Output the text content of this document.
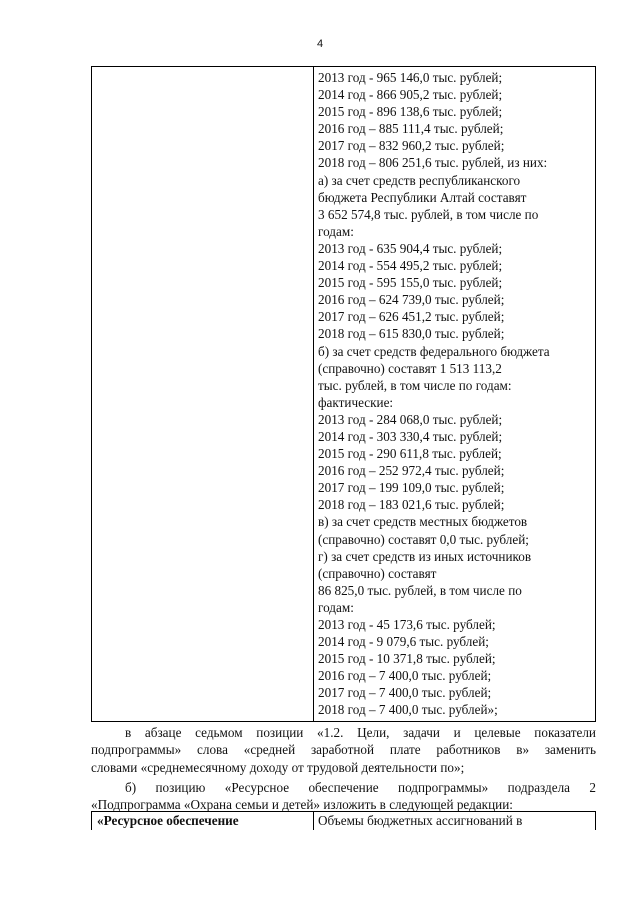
4
2013 год - 965 146,0 тыс. рублей;
2014 год - 866 905,2 тыс. рублей;
2015 год - 896 138,6 тыс. рублей;
2016 год – 885 111,4 тыс. рублей;
2017 год – 832 960,2 тыс. рублей;
2018 год – 806 251,6 тыс. рублей, из них:
а) за счет средств республиканского
бюджета Республики Алтай составят
3 652 574,8 тыс. рублей, в том числе по
годам:
2013 год - 635 904,4 тыс. рублей;
2014 год - 554 495,2 тыс. рублей;
2015 год - 595 155,0 тыс. рублей;
2016 год – 624 739,0 тыс. рублей;
2017 год – 626 451,2 тыс. рублей;
2018 год – 615 830,0 тыс. рублей;
б) за счет средств федерального бюджета
(справочно) составят 1 513 113,2
тыс. рублей, в том числе по годам:
фактические:
2013 год - 284 068,0 тыс. рублей;
2014 год - 303 330,4 тыс. рублей;
2015 год - 290 611,8 тыс. рублей;
2016 год – 252 972,4 тыс. рублей;
2017 год – 199 109,0 тыс. рублей;
2018 год – 183 021,6 тыс. рублей;
в) за счет средств местных бюджетов
(справочно) составят 0,0 тыс. рублей;
г) за счет средств из иных источников
(справочно) составят
86 825,0 тыс. рублей, в том числе по
годам:
2013 год - 45 173,6 тыс. рублей;
2014 год - 9 079,6 тыс. рублей;
2015 год - 10 371,8 тыс. рублей;
2016 год – 7 400,0 тыс. рублей;
2017 год – 7 400,0 тыс. рублей;
2018 год – 7 400,0 тыс. рублей»;
в абзаце седьмом позиции «1.2. Цели, задачи и целевые показатели
подпрограммы» слова «средней заработной плате работников в» заменить
словами «среднемесячному доходу от трудовой деятельности по»;
б) позицию «Ресурсное обеспечение подпрограммы» подраздела 2
«Подпрограмма «Охрана семьи и детей» изложить в следующей редакции:
«Ресурсное обеспечение	Объемы бюджетных ассигнований в
